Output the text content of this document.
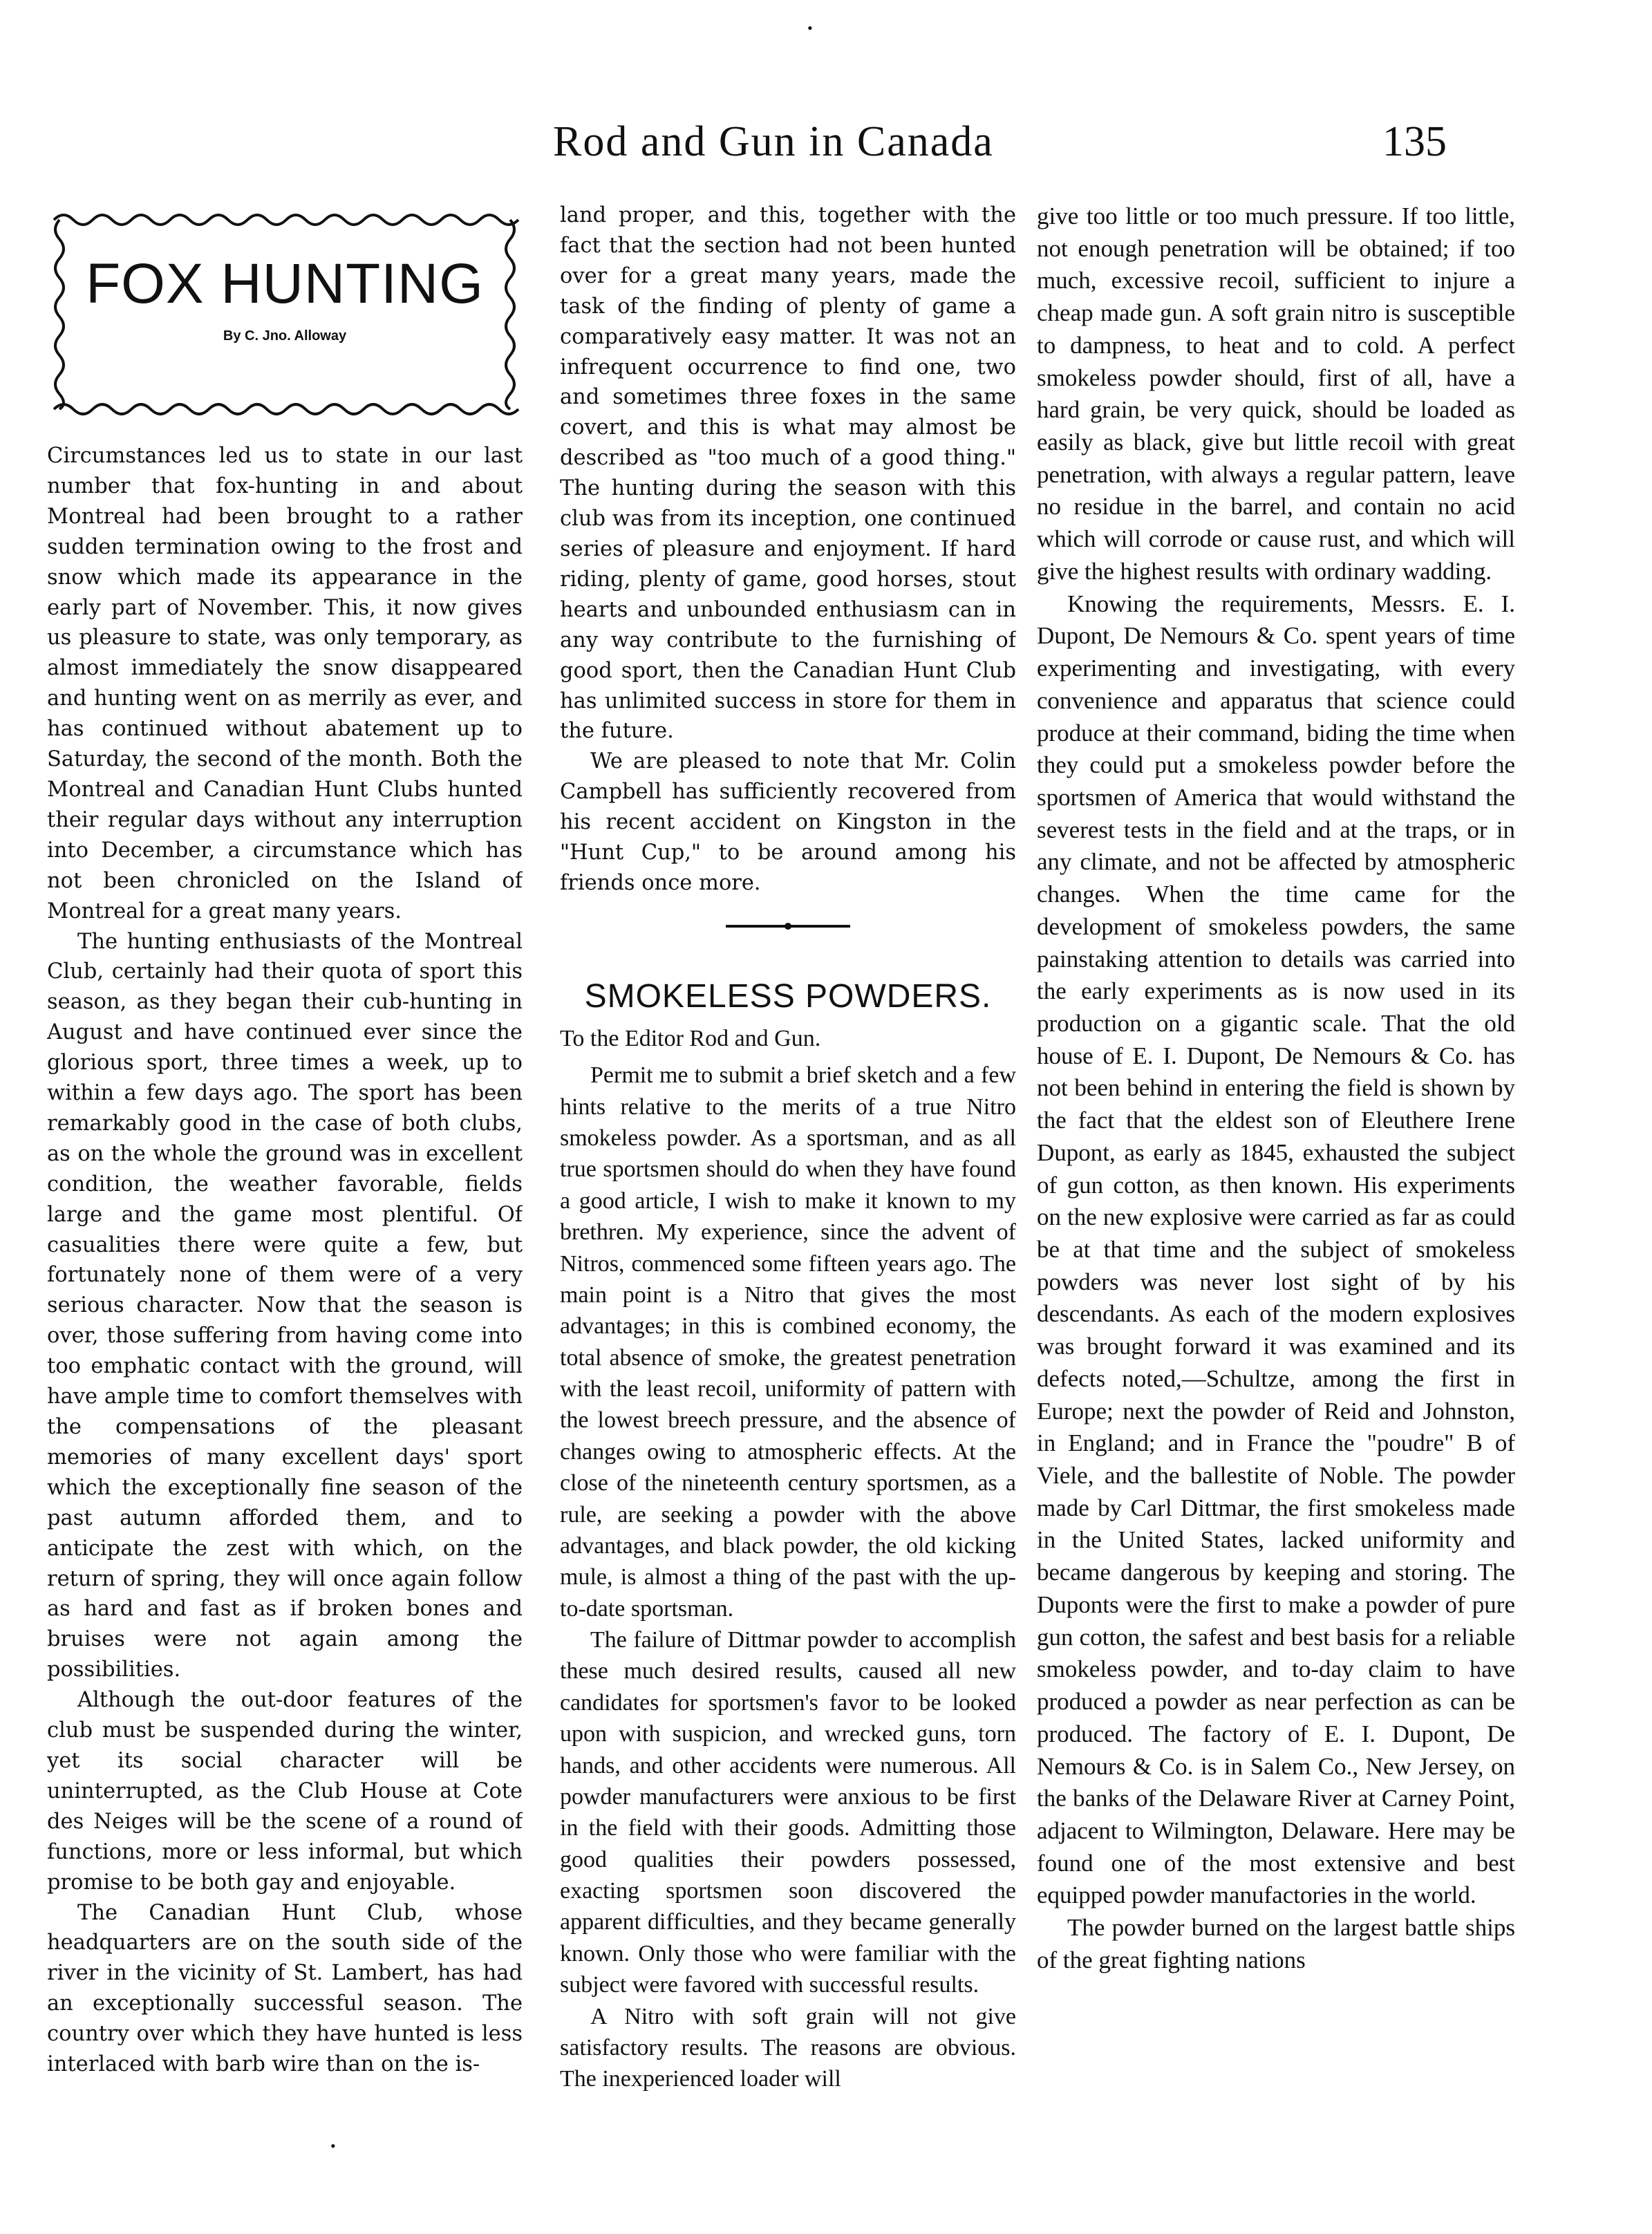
Rod and Gun in Canada	135
•
FOX HUNTING
By C. Jno. Alloway

Circumstances led us to state in our last number that fox-hunting in and about Montreal had been brought to a rather sudden termination owing to the frost and snow which made its appearance in the early part of November. This, it now gives us pleasure to state, was only temporary, as almost immediately the snow disappeared and hunting went on as merrily as ever, and has continued without abatement up to Saturday, the second of the month. Both the Montreal and Canadian Hunt Clubs hunted their regular days without any interruption into December, a circumstance which has not been chronicled on the Island of Montreal for a great many years.

The hunting enthusiasts of the Montreal Club, certainly had their quota of sport this season, as they began their cub-hunting in August and have continued ever since the glorious sport, three times a week, up to within a few days ago. The sport has been remarkably good in the case of both clubs, as on the whole the ground was in excellent condition, the weather favorable, fields large and the game most plentiful. Of casualities there were quite a few, but fortunately none of them were of a very serious character. Now that the season is over, those suffering from having come into too emphatic contact with the ground, will have ample time to comfort themselves with the compensations of the pleasant memories of many excellent days' sport which the exceptionally fine season of the past autumn afforded them, and to anticipate the zest with which, on the return of spring, they will once again follow as hard and fast as if broken bones and bruises were not again among the possibilities.

Although the out-door features of the club must be suspended during the winter, yet its social character will be uninterrupted, as the Club House at Cote des Neiges will be the scene of a round of functions, more or less informal, but which promise to be both gay and enjoyable.

The Canadian Hunt Club, whose headquarters are on the south side of the river in the vicinity of St. Lambert, has had an exceptionally successful season. The country over which they have hunted is less interlaced with barb wire than on the is-

land proper, and this, together with the fact that the section had not been hunted over for a great many years, made the task of the finding of plenty of game a comparatively easy matter. It was not an infrequent occurrence to find one, two and sometimes three foxes in the same covert, and this is what may almost be described as "too much of a good thing." The hunting during the season with this club was from its inception, one continued series of pleasure and enjoyment. If hard riding, plenty of game, good horses, stout hearts and unbounded enthusiasm can in any way contribute to the furnishing of good sport, then the Canadian Hunt Club has unlimited success in store for them in the future.

We are pleased to note that Mr. Colin Campbell has sufficiently recovered from his recent accident on Kingston in the "Hunt Cup," to be around among his friends once more.

SMOKELESS POWDERS.

To the Editor Rod and Gun.

Permit me to submit a brief sketch and a few hints relative to the merits of a true Nitro smokeless powder. As a sportsman, and as all true sportsmen should do when they have found a good article, I wish to make it known to my brethren. My experience, since the advent of Nitros, commenced some fifteen years ago. The main point is a Nitro that gives the most advantages; in this is combined economy, the total absence of smoke, the greatest penetration with the least recoil, uniformity of pattern with the lowest breech pressure, and the absence of changes owing to atmospheric effects. At the close of the nineteenth century sportsmen, as a rule, are seeking a powder with the above advantages, and black powder, the old kicking mule, is almost a thing of the past with the up-to-date sportsman.

The failure of Dittmar powder to accomplish these much desired results, caused all new candidates for sportsmen's favor to be looked upon with suspicion, and wrecked guns, torn hands, and other accidents were numerous. All powder manufacturers were anxious to be first in the field with their goods. Admitting those good qualities their powders possessed, exacting sportsmen soon discovered the apparent difficulties, and they became generally known. Only those who were familiar with the subject were favored with successful results.

A Nitro with soft grain will not give satisfactory results. The reasons are obvious. The inexperienced loader will

give too little or too much pressure. If too little, not enough penetration will be obtained; if too much, excessive recoil, sufficient to injure a cheap made gun. A soft grain nitro is susceptible to dampness, to heat and to cold. A perfect smokeless powder should, first of all, have a hard grain, be very quick, should be loaded as easily as black, give but little recoil with great penetration, with always a regular pattern, leave no residue in the barrel, and contain no acid which will corrode or cause rust, and which will give the highest results with ordinary wadding.

Knowing the requirements, Messrs. E. I. Dupont, De Nemours & Co. spent years of time experimenting and investigating, with every convenience and apparatus that science could produce at their command, biding the time when they could put a smokeless powder before the sportsmen of America that would withstand the severest tests in the field and at the traps, or in any climate, and not be affected by atmospheric changes. When the time came for the development of smokeless powders, the same painstaking attention to details was carried into the early experiments as is now used in its production on a gigantic scale. That the old house of E. I. Dupont, De Nemours & Co. has not been behind in entering the field is shown by the fact that the eldest son of Eleuthere Irene Dupont, as early as 1845, exhausted the subject of gun cotton, as then known. His experiments on the new explosive were carried as far as could be at that time and the subject of smokeless powders was never lost sight of by his descendants. As each of the modern explosives was brought forward it was examined and its defects noted,—Schultze, among the first in Europe; next the powder of Reid and Johnston, in England; and in France the "poudre" B of Viele, and the ballestite of Noble. The powder made by Carl Dittmar, the first smokeless made in the United States, lacked uniformity and became dangerous by keeping and storing. The Duponts were the first to make a powder of pure gun cotton, the safest and best basis for a reliable smokeless powder, and to-day claim to have produced a powder as near perfection as can be produced. The factory of E. I. Dupont, De Nemours & Co. is in Salem Co., New Jersey, on the banks of the Delaware River at Carney Point, adjacent to Wilmington, Delaware. Here may be found one of the most extensive and best equipped powder manufactories in the world.

The powder burned on the largest battle ships of the great fighting nations

•
